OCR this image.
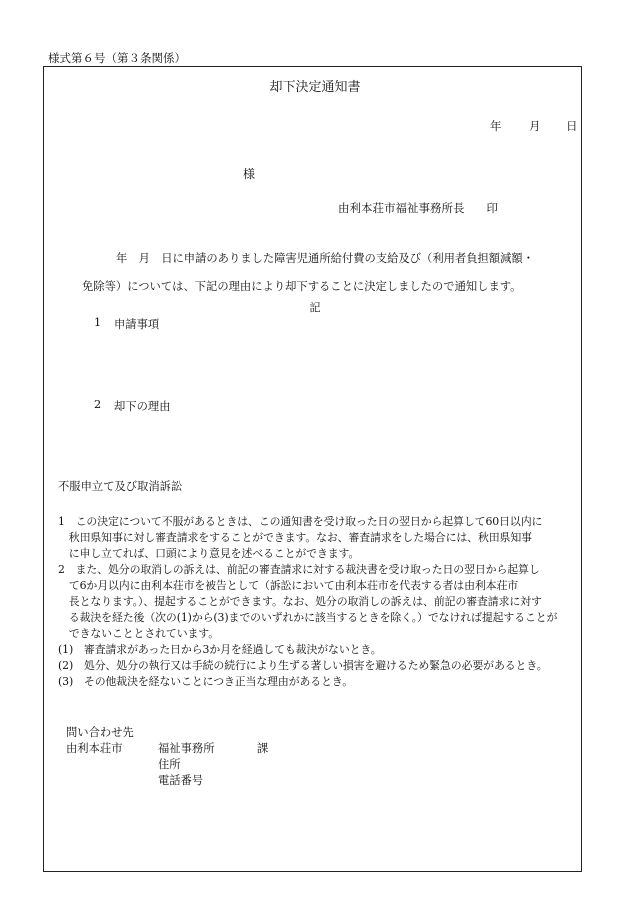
様式第６号（第３条関係）
却下決定通知書
年 月 日
様
由利本荘市福祉事務所長 印
年　月　日に申請のありました障害児通所給付費の支給及び（利用者負担額減額・
免除等）については、下記の理由により却下することに決定しましたので通知します。
記
1 申請事項
2 却下の理由
不服申立て及び取消訴訟
1　この決定について不服があるときは、この通知書を受け取った日の翌日から起算して60日以内に
　秋田県知事に対し審査請求をすることができます。なお、審査請求をした場合には、秋田県知事
　に申し立てれば、口頭により意見を述べることができます。
2　また、処分の取消しの訴えは、前記の審査請求に対する裁決書を受け取った日の翌日から起算し
　て6か月以内に由利本荘市を被告として（訴訟において由利本荘市を代表する者は由利本荘市
　長となります。）、提起することができます。なお、処分の取消しの訴えは、前記の審査請求に対す
　る裁決を経た後（次の(1)から(3)までのいずれかに該当するときを除く。）でなければ提起することが
　できないこととされています。
(1)　審査請求があった日から3か月を経過しても裁決がないとき。
(2)　処分、処分の執行又は手続の続行により生ずる著しい損害を避けるため緊急の必要があるとき。
(3)　その他裁決を経ないことにつき正当な理由があるとき。
問い合わせ先
由利本荘市	福祉事務所	課
住所
電話番号
